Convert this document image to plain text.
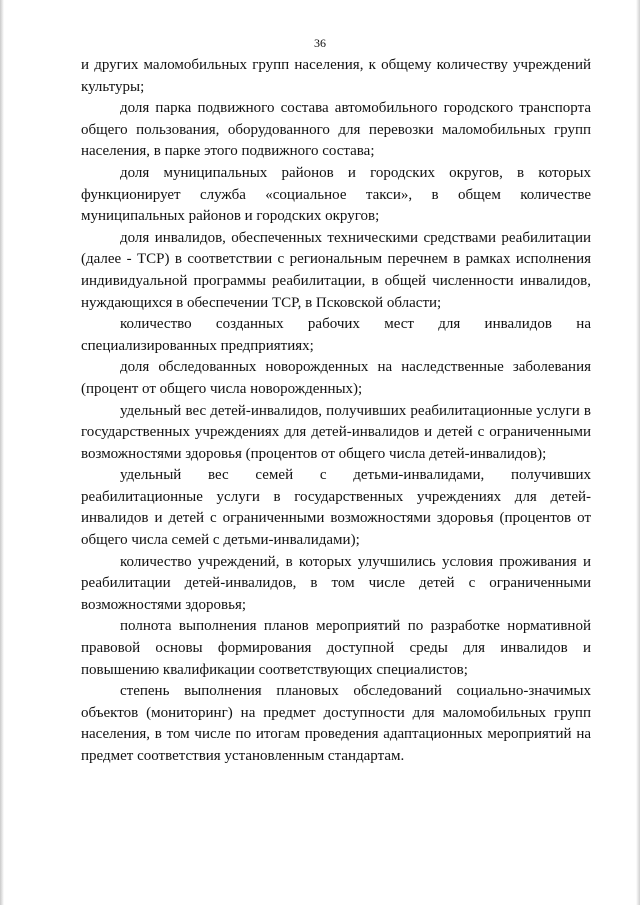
36

и других маломобильных групп населения, к общему количеству учреждений культуры;

доля парка подвижного состава автомобильного городского транспорта общего пользования, оборудованного для перевозки маломобильных групп населения, в парке этого подвижного состава;

доля муниципальных районов и городских округов, в которых функционирует служба «социальное такси», в общем количестве муниципальных районов и городских округов;

доля инвалидов, обеспеченных техническими средствами реабилитации (далее - ТСР) в соответствии с региональным перечнем в рамках исполнения индивидуальной программы реабилитации, в общей численности инвалидов, нуждающихся в обеспечении ТСР, в Псковской области;

количество созданных рабочих мест для инвалидов на специализированных предприятиях;

доля обследованных новорожденных на наследственные заболевания (процент от общего числа новорожденных);

удельный вес детей-инвалидов, получивших реабилитационные услуги в государственных учреждениях для детей-инвалидов и детей с ограниченными возможностями здоровья (процентов от общего числа детей-инвалидов);

удельный вес семей с детьми-инвалидами, получивших реабилитационные услуги в государственных учреждениях для детей-инвалидов и детей с ограниченными возможностями здоровья (процентов от общего числа семей с детьми-инвалидами);

количество учреждений, в которых улучшились условия проживания и реабилитации детей-инвалидов, в том числе детей с ограниченными возможностями здоровья;

полнота выполнения планов мероприятий по разработке нормативной правовой основы формирования доступной среды для инвалидов и повышению квалификации соответствующих специалистов;

степень выполнения плановых обследований социально-значимых объектов (мониторинг) на предмет доступности для маломобильных групп населения, в том числе по итогам проведения адаптационных мероприятий на предмет соответствия установленным стандартам.
